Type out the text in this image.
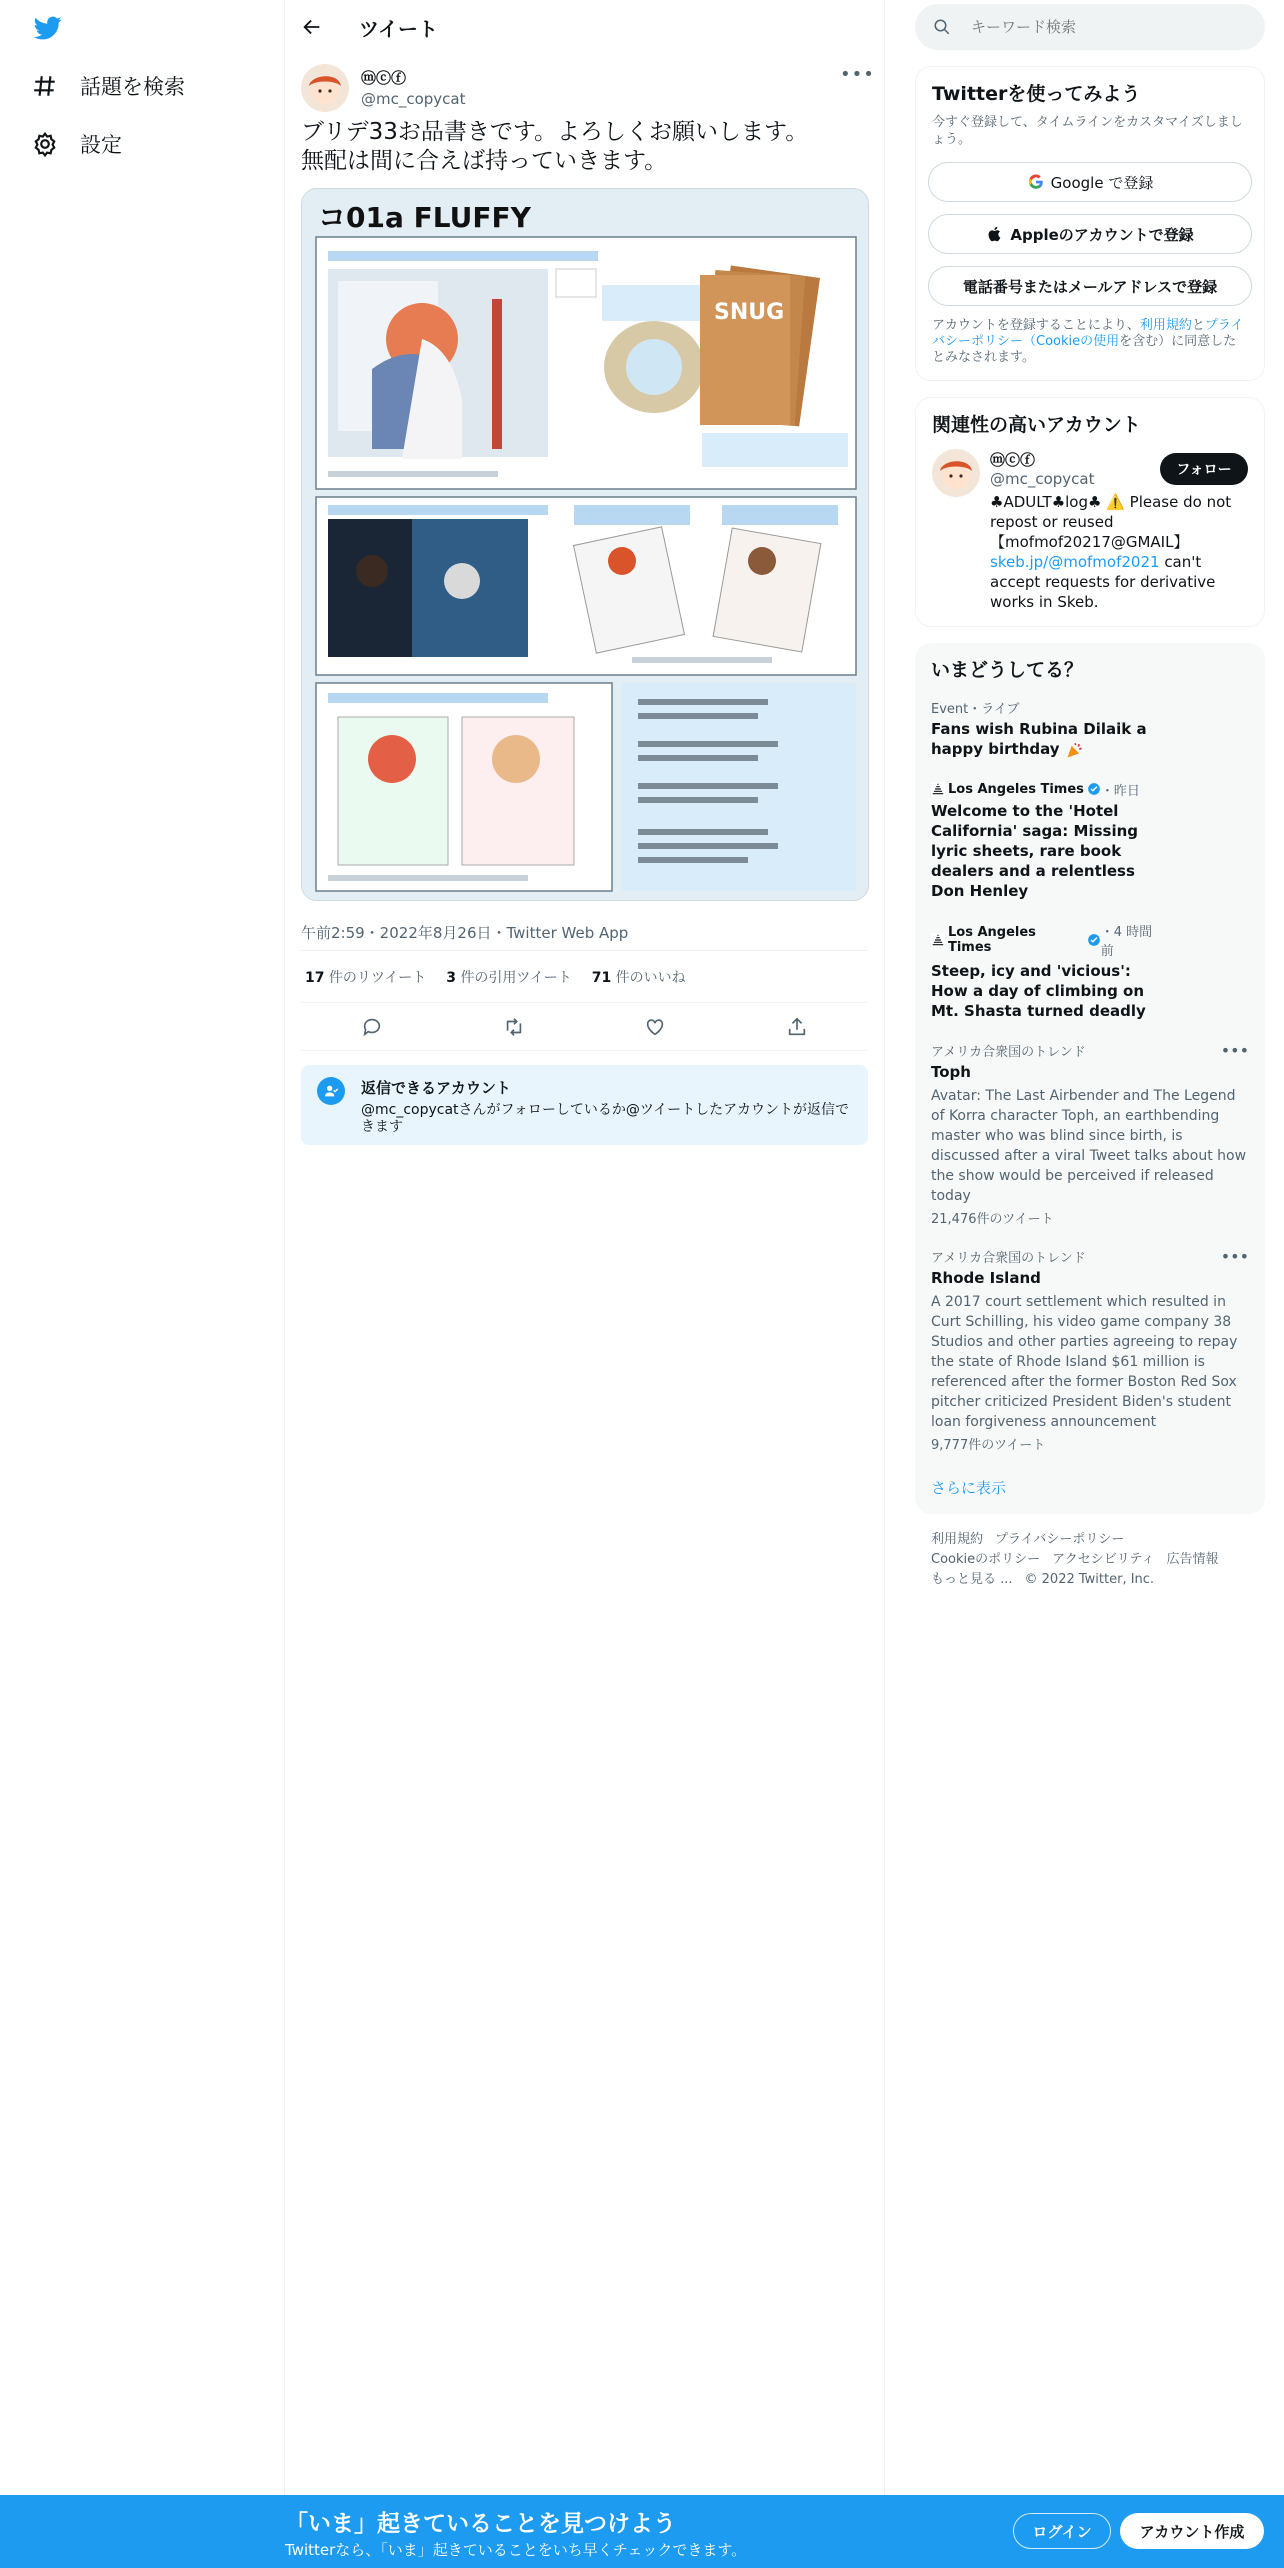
話題を検索
設定
ツイート
ⓜⓒⓕ
@mc_copycat
•••
ブリデ33お品書きです。よろしくお願いします。
無配は間に合えば持っていきます。
コ01a FLUFFY
SNUG
午前2:59・2022年8月26日・Twitter Web App
17 件のリツイート 3 件の引用ツイート 71 件のいいね
返信できるアカウント
@mc_copycatさんがフォローしているか@ツイートしたアカウントが返信できます
キーワード検索
Twitterを使ってみよう
今すぐ登録して、タイムラインをカスタマイズしましょう。
Google で登録
Appleのアカウントで登録
電話番号またはメールアドレスで登録
アカウントを登録することにより、利用規約とプライバシーポリシー（Cookieの使用を含む）に同意したとみなされます。
関連性の高いアカウント
ⓜⓒⓕ
@mc_copycat
♣ADULT♣log♣ ⚠️ Please do not repost or reused 【mofmof20217@GMAIL】 skeb.jp/@mofmof2021 can't accept requests for derivative works in Skeb.
フォロー
いまどうしてる？
Event・ライブ
Fans wish Rubina Dilaik a happy birthday
Los Angeles Times ・昨日
Welcome to the 'Hotel California' saga: Missing lyric sheets, rare book dealers and a relentless Don Henley
Los Angeles Times
・4 時間前
Steep, icy and 'vicious': How a day of climbing on Mt. Shasta turned deadly
アメリカ合衆国のトレンド	•••
Toph
Avatar: The Last Airbender and The Legend of Korra character Toph, an earthbending master who was blind since birth, is discussed after a viral Tweet talks about how the show would be perceived if released today
21,476件のツイート
アメリカ合衆国のトレンド	•••
Rhode Island
A 2017 court settlement which resulted in Curt Schilling, his video game company 38 Studios and other parties agreeing to repay the state of Rhode Island $61 million is referenced after the former Boston Red Sox pitcher criticized President Biden's student loan forgiveness announcement
9,777件のツイート
さらに表示
利用規約 プライバシーポリシー
Cookieのポリシー アクセシビリティ 広告情報
もっと見る ... © 2022 Twitter, Inc.
「いま」起きていることを見つけよう
Twitterなら、「いま」起きていることをいち早くチェックできます。
ログイン	アカウント作成
